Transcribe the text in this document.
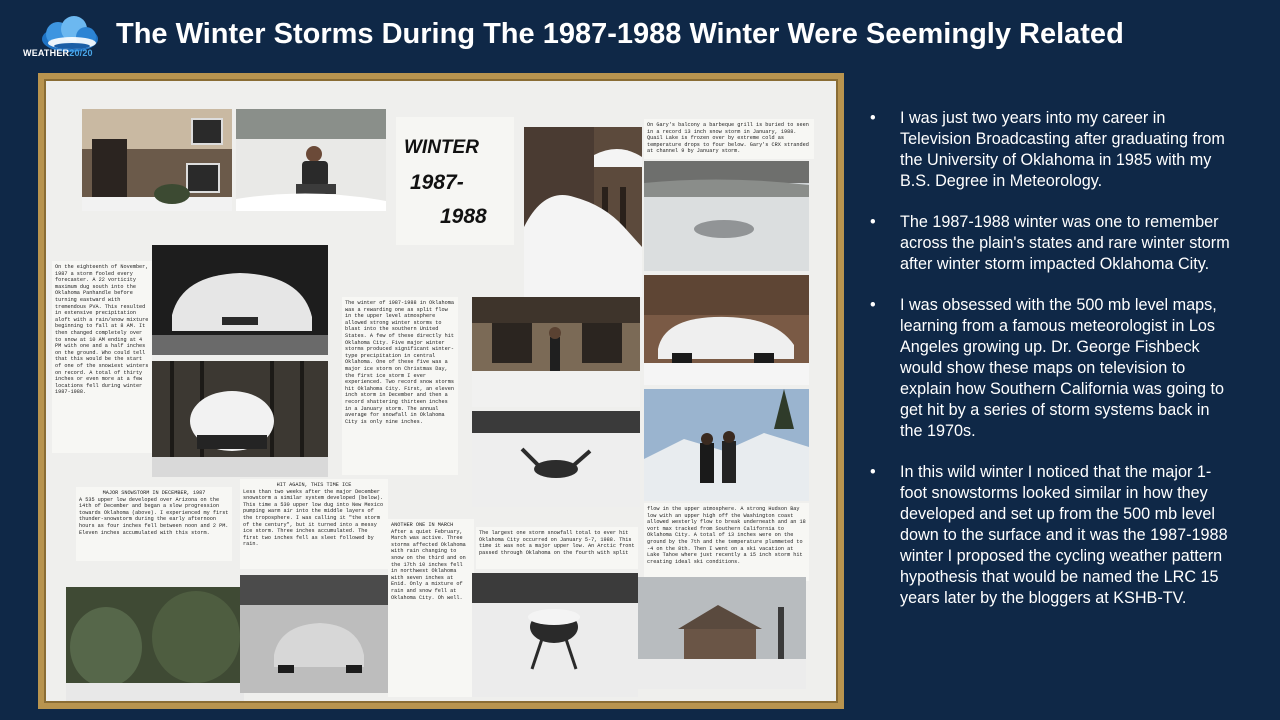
WEATHER20/20
The Winter Storms During The 1987-1988 Winter Were Seemingly Related
WINTER
1987-
1988
On Gary's balcony a barbeque grill is buried to seen in a record 13 inch snow storm in January, 1988. Quail Lake is frozen over by extreme cold as temperature drops to four below. Gary's CRX stranded at channel 9 by January storm.
On the eighteenth of November, 1987 a storm fooled every forecaster. A 22 vorticity maximum dug south into the Oklahoma Panhandle before turning eastward with tremendous PVA. This resulted in extensive precipitation aloft with a rain/snow mixture beginning to fall at 8 AM. It then changed completely over to snow at 10 AM ending at 4 PM with one and a half inches on the ground. Who could tell that this would be the start of one of the snowiest winters on record. A total of thirty inches or even more at a few locations fell during winter 1987-1988.
The winter of 1987-1988 in Oklahoma was a rewarding one as split flow in the upper level atmosphere allowed strong winter storms to blast into the southern United States. A few of these directly hit Oklahoma City. Five major winter storms produced significant winter-type precipitation in central Oklahoma. One of these five was a major ice storm on Christmas Day, the first ice storm I ever experienced. Two record snow storms hit Oklahoma City. First, an eleven inch storm in December and then a record shattering thirteen inches in a January storm. The annual average for snowfall in Oklahoma City is only nine inches.
MAJOR SNOWSTORM IN DECEMBER, 1987
A 535 upper low developed over Arizona on the 14th of December and began a slow progression towards Oklahoma (above). I experienced my first thunder-snowstorm during the early afternoon hours as four inches fell between noon and 2 PM. Eleven inches accumulated with this storm.
HIT AGAIN, THIS TIME ICE
Less than two weeks after the major December snowstorm a similar system developed (below). This time a 530 upper low dug into New Mexico pumping warm air into the middle layers of the troposphere. I was calling it "the storm of the century", but it turned into a messy ice storm. Three inches accumulated. The first two inches fell as sleet followed by rain.
ANOTHER ONE IN MARCH After a quiet February, March was active. Three storms affected Oklahoma with rain changing to snow on the third and on the 17th 10 inches fell in northwest Oklahoma with seven inches at Enid. Only a mixture of rain and snow fell at Oklahoma City. Oh well.
The largest one storm snowfall total to ever hit Oklahoma City occurred on January 5-7, 1988. This time it was not a major upper low. An Arctic front passed through Oklahoma on the fourth with split
flow in the upper atmosphere. A strong Hudson Bay low with an upper high off the Washington coast allowed westerly flow to break underneath and an 18 vort max tracked from Southern California to Oklahoma City. A total of 13 inches were on the ground by the 7th and the temperature plummeted to -4 on the 8th. Then I went on a ski vacation at Lake Tahoe where just recently a 15 inch storm hit creating ideal ski conditions.
• I was just two years into my career in Television Broadcasting after graduating from the University of Oklahoma in 1985 with my B.S. Degree in Meteorology.
• The 1987-1988 winter was one to remember across the plain's states and rare winter storm after winter storm impacted Oklahoma City.
• I was obsessed with the 500 mb level maps, learning from a famous meteorologist in Los Angeles growing up. Dr. George Fishbeck would show these maps on television to explain how Southern California was going to get hit by a series of storm systems back in the 1970s.
• In this wild winter I noticed that the major 1-foot snowstorms looked similar in how they developed and set up from the 500 mb level down to the surface and it was the 1987-1988 winter I proposed the cycling weather pattern hypothesis that would be named the LRC 15 years later by the bloggers at KSHB-TV.
